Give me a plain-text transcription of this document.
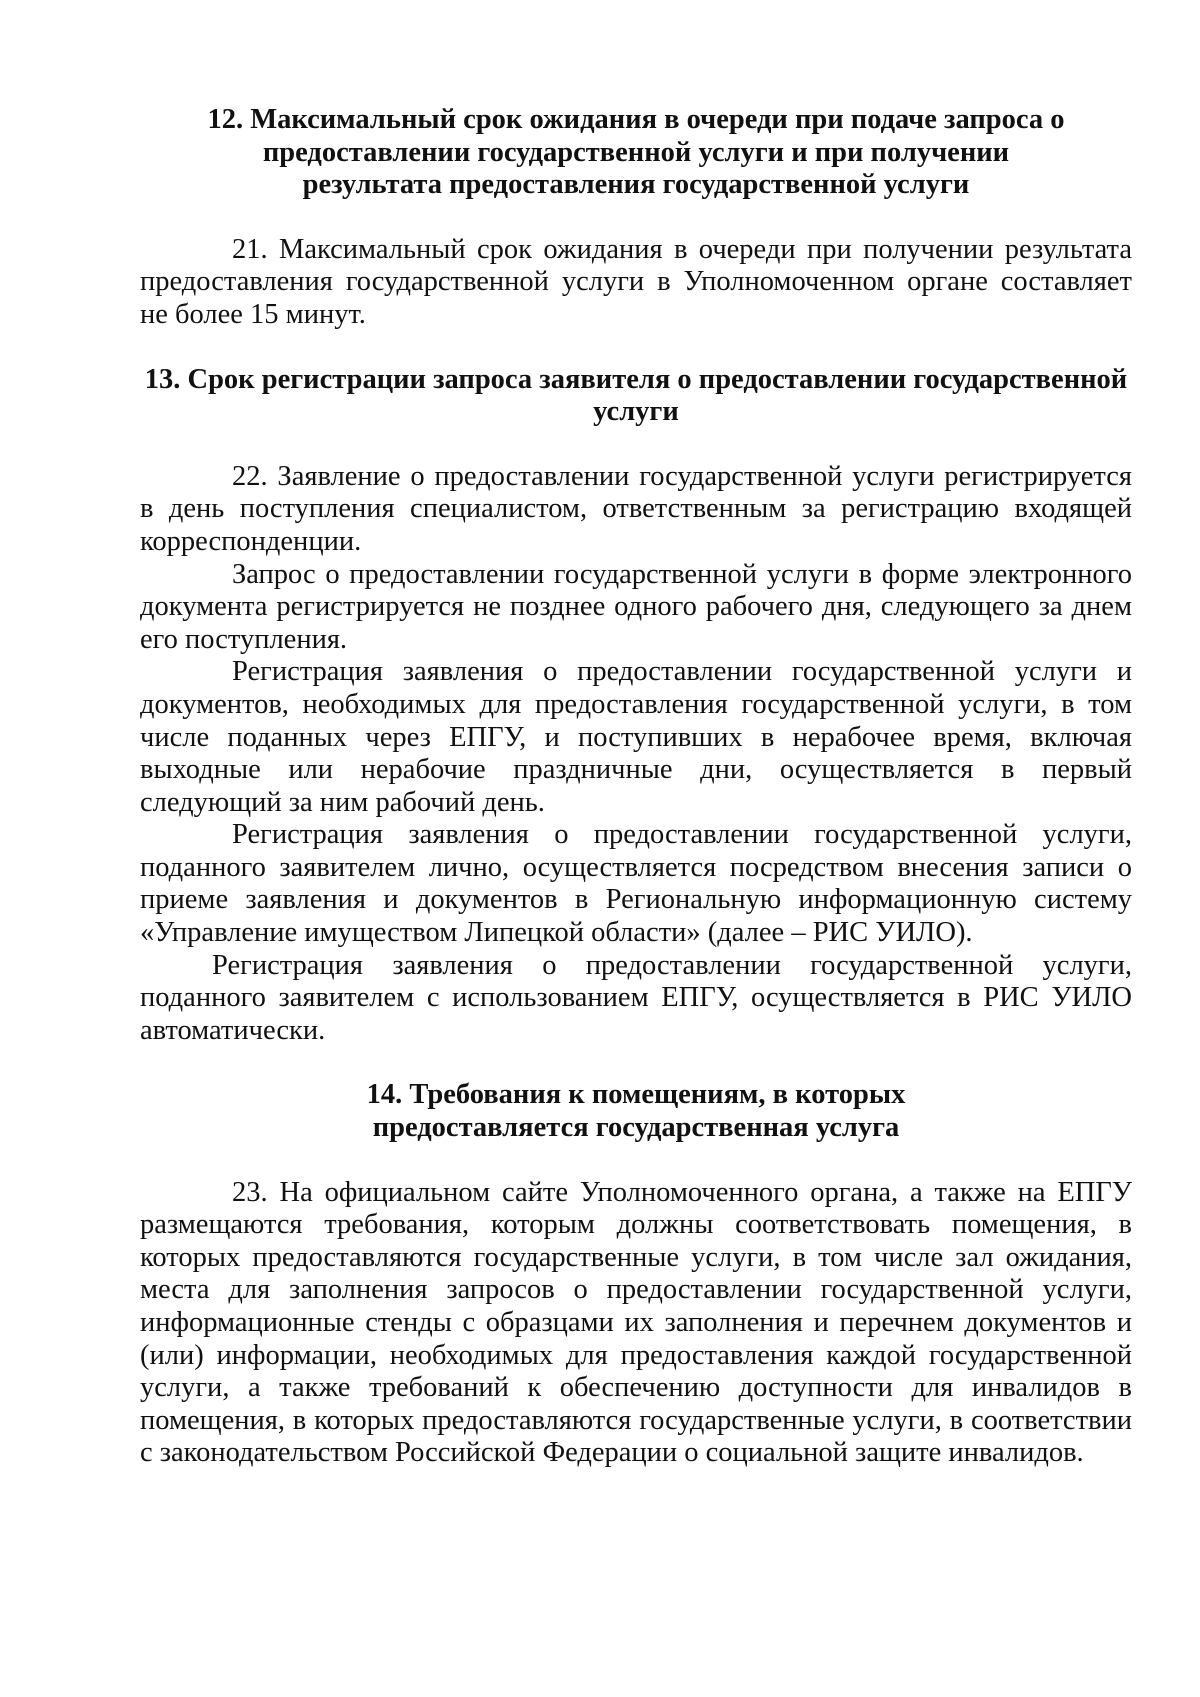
12. Максимальный срок ожидания в очереди при подаче запроса о предоставлении государственной услуги и при получении результата предоставления государственной услуги

21. Максимальный срок ожидания в очереди при получении результата предоставления государственной услуги в Уполномоченном органе составляет не более 15 минут.

13. Срок регистрации запроса заявителя о предоставлении государственной услуги

22. Заявление о предоставлении государственной услуги регистрируется в день поступления специалистом, ответственным за регистрацию входящей корреспонденции.

Запрос о предоставлении государственной услуги в форме электронного документа регистрируется не позднее одного рабочего дня, следующего за днем его поступления.

Регистрация заявления о предоставлении государственной услуги и документов, необходимых для предоставления государственной услуги, в том числе поданных через ЕПГУ, и поступивших в нерабочее время, включая выходные или нерабочие праздничные дни, осуществляется в первый следующий за ним рабочий день.

Регистрация заявления о предоставлении государственной услуги, поданного заявителем лично, осуществляется посредством внесения записи о приеме заявления и документов в Региональную информационную систему «Управление имуществом Липецкой области» (далее – РИС УИЛО).

Регистрация заявления о предоставлении государственной услуги, поданного заявителем с использованием ЕПГУ, осуществляется в РИС УИЛО автоматически.

14. Требования к помещениям, в которых предоставляется государственная услуга

23. На официальном сайте Уполномоченного органа, а также на ЕПГУ размещаются требования, которым должны соответствовать помещения, в которых предоставляются государственные услуги, в том числе зал ожидания, места для заполнения запросов о предоставлении государственной услуги, информационные стенды с образцами их заполнения и перечнем документов и (или) информации, необходимых для предоставления каждой государственной услуги, а также требований к обеспечению доступности для инвалидов в помещения, в которых предоставляются государственные услуги, в соответствии с законодательством Российской Федерации о социальной защите инвалидов.
